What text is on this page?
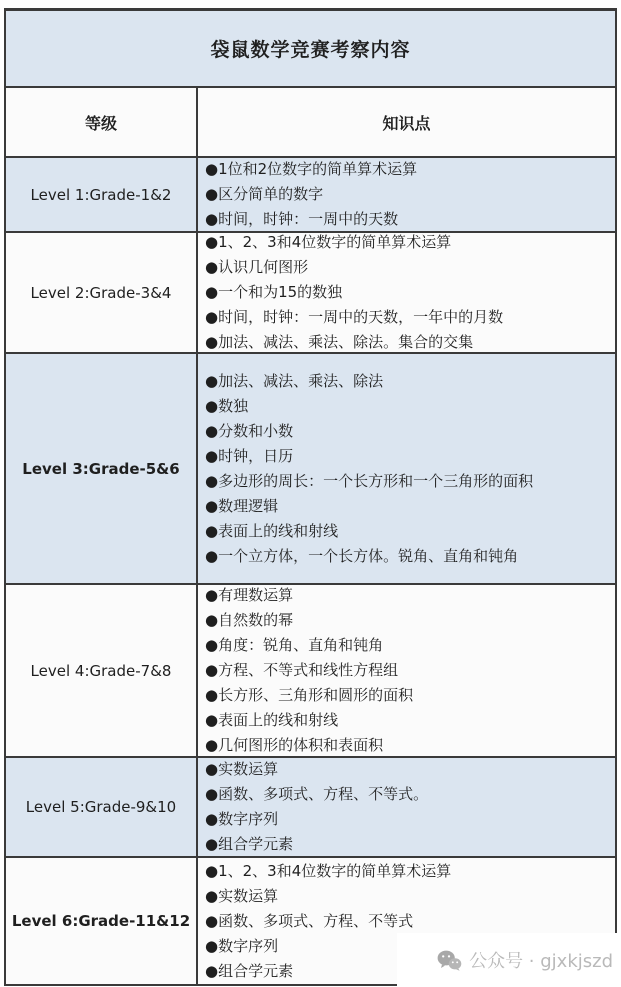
袋鼠数学竞赛考察内容
等级	知识点
Level 1:Grade-1&2
●1位和2位数字的简单算术运算
●区分简单的数字
●时间，时钟：一周中的天数
Level 2:Grade-3&4
●1、2、3和4位数字的简单算术运算
●认识几何图形
●一个和为15的数独
●时间，时钟：一周中的天数，一年中的月数
●加法、减法、乘法、除法。集合的交集
Level 3:Grade-5&6
●加法、减法、乘法、除法
●数独
●分数和小数
●时钟，日历
●多边形的周长：一个长方形和一个三角形的面积
●数理逻辑
●表面上的线和射线
●一个立方体，一个长方体。锐角、直角和钝角
Level 4:Grade-7&8
●有理数运算
●自然数的幂
●角度：锐角、直角和钝角
●方程、不等式和线性方程组
●长方形、三角形和圆形的面积
●表面上的线和射线
●几何图形的体积和表面积
Level 5:Grade-9&10
●实数运算
●函数、多项式、方程、不等式。
●数字序列
●组合学元素
Level 6:Grade-11&12
●1、2、3和4位数字的简单算术运算
●实数运算
●函数、多项式、方程、不等式
●数字序列
●组合学元素	公众号 · gjxkjszd
